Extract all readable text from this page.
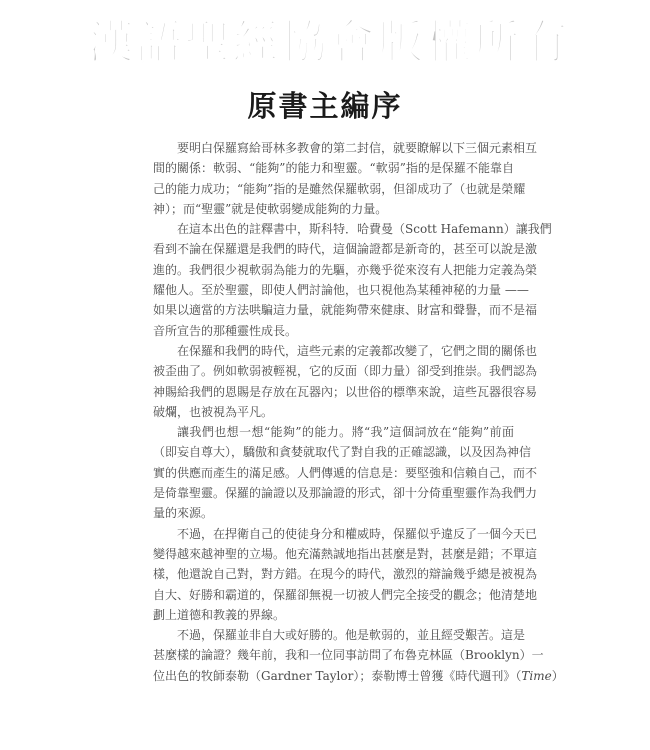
漢語聖經協會版權所有
原書主編序
要明白保羅寫給哥林多教會的第二封信，就要瞭解以下三個元素相互
間的關係：軟弱、“能夠”的能力和聖靈。“軟弱”指的是保羅不能靠自
己的能力成功；“能夠”指的是雖然保羅軟弱，但卻成功了（也就是榮耀
神）；而“聖靈”就是使軟弱變成能夠的力量。
在這本出色的註釋書中，斯科特．哈費曼（Scott Hafemann）讓我們
看到不論在保羅還是我們的時代，這個論證都是新奇的，甚至可以說是激
進的。我們很少視軟弱為能力的先驅，亦幾乎從來沒有人把能力定義為榮
耀他人。至於聖靈，即使人們討論他，也只視他為某種神秘的力量 ——
如果以適當的方法哄騙這力量，就能夠帶來健康、財富和聲譽，而不是福
音所宣告的那種靈性成長。
在保羅和我們的時代，這些元素的定義都改變了，它們之間的關係也
被歪曲了。例如軟弱被輕視，它的反面（即力量）卻受到推崇。我們認為
神賜給我們的恩賜是存放在瓦器內；以世俗的標準來說，這些瓦器很容易
破爛，也被視為平凡。
讓我們也想一想“能夠”的能力。將“我”這個詞放在“能夠”前面
（即妄自尊大），驕傲和貪婪就取代了對自我的正確認識，以及因為神信
實的供應而產生的滿足感。人們傳遞的信息是：要堅強和信賴自己，而不
是倚靠聖靈。保羅的論證以及那論證的形式，卻十分倚重聖靈作為我們力
量的來源。
不過，在捍衛自己的使徒身分和權威時，保羅似乎違反了一個今天已
變得越來越神聖的立場。他充滿熱誠地指出甚麼是對，甚麼是錯；不單這
樣，他還說自己對，對方錯。在現今的時代，激烈的辯論幾乎總是被視為
自大、好勝和霸道的，保羅卻無視一切被人們完全接受的觀念；他清楚地
劃上道德和教義的界線。
不過，保羅並非自大或好勝的。他是軟弱的，並且經受艱苦。這是
甚麼樣的論證？幾年前，我和一位同事訪問了布魯克林區（Brooklyn）一
位出色的牧師泰勒（Gardner Taylor）；泰勒博士曾獲《時代週刊》（Time）
